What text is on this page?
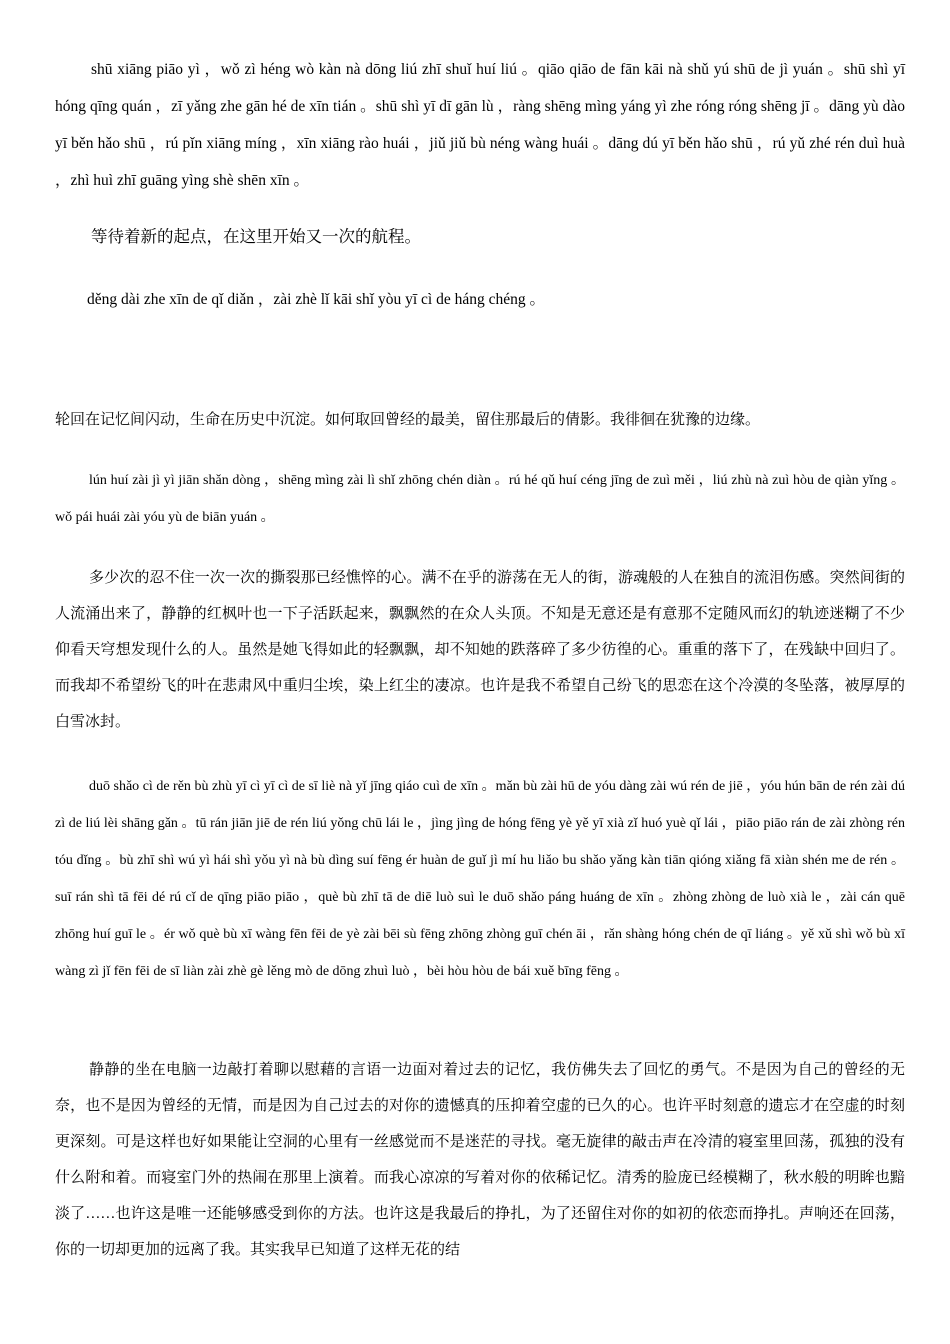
shū xiāng piāo yì ，wǒ zì héng wò kàn nà dōng liú zhī shuǐ huí liú 。qiāo qiāo de fān kāi nà shǔ yú shū de jì yuán 。shū shì yī hóng qīng quán ，zī yǎng zhe gān hé de xīn tián 。shū shì yī dī gān lù ，ràng shēng mìng yáng yì zhe róng róng shēng jī 。dāng yù dào yī běn hǎo shū ，rú pǐn xiāng míng ，xīn xiāng rào huái ，jiǔ jiǔ bù néng wàng huái 。dāng dú yī běn hǎo shū ，rú yǔ zhé rén duì huà ，zhì huì zhī guāng yìng shè shēn xīn 。

等待着新的起点，在这里开始又一次的航程。

děng dài zhe xīn de qǐ diǎn ，zài zhè lǐ kāi shǐ yòu yī cì de háng chéng 。

轮回在记忆间闪动，生命在历史中沉淀。如何取回曾经的最美，留住那最后的倩影。我徘徊在犹豫的边缘。

lún huí zài jì yì jiān shǎn dòng ，shēng mìng zài lì shǐ zhōng chén diàn 。rú hé qǔ huí céng jīng de zuì měi ，liú zhù nà zuì hòu de qiàn yǐng 。wǒ pái huái zài yóu yù de biān yuán 。

多少次的忍不住一次一次的撕裂那已经憔悴的心。满不在乎的游荡在无人的街，游魂般的人在独自的流泪伤感。突然间街的人流涌出来了，静静的红枫叶也一下子活跃起来，飘飘然的在众人头顶。不知是无意还是有意那不定随风而幻的轨迹迷糊了不少仰看天穹想发现什么的人。虽然是她飞得如此的轻飘飘，却不知她的跌落碎了多少彷徨的心。重重的落下了，在残缺中回归了。而我却不希望纷飞的叶在悲肃风中重归尘埃，染上红尘的凄凉。也许是我不希望自己纷飞的思恋在这个冷漠的冬坠落，被厚厚的白雪冰封。

duō shǎo cì de rěn bù zhù yī cì yī cì de sī liè nà yǐ jīng qiáo cuì de xīn 。mǎn bù zài hū de yóu dàng zài wú rén de jiē ，yóu hún bān de rén zài dú zì de liú lèi shāng gǎn 。tū rán jiān jiē de rén liú yǒng chū lái le ，jìng jìng de hóng fēng yè yě yī xià zǐ huó yuè qǐ lái ，piāo piāo rán de zài zhòng rén tóu dǐng 。bù zhī shì wú yì hái shì yǒu yì nà bù dìng suí fēng ér huàn de guǐ jì mí hu liǎo bu shǎo yǎng kàn tiān qióng xiǎng fā xiàn shén me de rén 。suī rán shì tā fēi dé rú cǐ de qīng piāo piāo ，què bù zhī tā de diē luò suì le duō shǎo páng huáng de xīn 。zhòng zhòng de luò xià le ，zài cán quē zhōng huí guī le 。ér wǒ què bù xī wàng fēn fēi de yè zài bēi sù fēng zhōng zhòng guī chén āi ，rǎn shàng hóng chén de qī liáng 。yě xǔ shì wǒ bù xī wàng zì jǐ fēn fēi de sī liàn zài zhè gè lěng mò de dōng zhuì luò ，bèi hòu hòu de bái xuě bīng fēng 。

静静的坐在电脑一边敲打着聊以慰藉的言语一边面对着过去的记忆，我仿佛失去了回忆的勇气。不是因为自己的曾经的无奈，也不是因为曾经的无情，而是因为自己过去的对你的遗憾真的压抑着空虚的已久的心。也许平时刻意的遗忘才在空虚的时刻更深刻。可是这样也好如果能让空洞的心里有一丝感觉而不是迷茫的寻找。毫无旋律的敲击声在冷清的寝室里回荡，孤独的没有什么附和着。而寝室门外的热闹在那里上演着。而我心凉凉的写着对你的依稀记忆。清秀的脸庞已经模糊了，秋水般的明眸也黯淡了……也许这是唯一还能够感受到你的方法。也许这是我最后的挣扎，为了还留住对你的如初的依恋而挣扎。声响还在回荡，你的一切却更加的远离了我。其实我早已知道了这样无花的结
